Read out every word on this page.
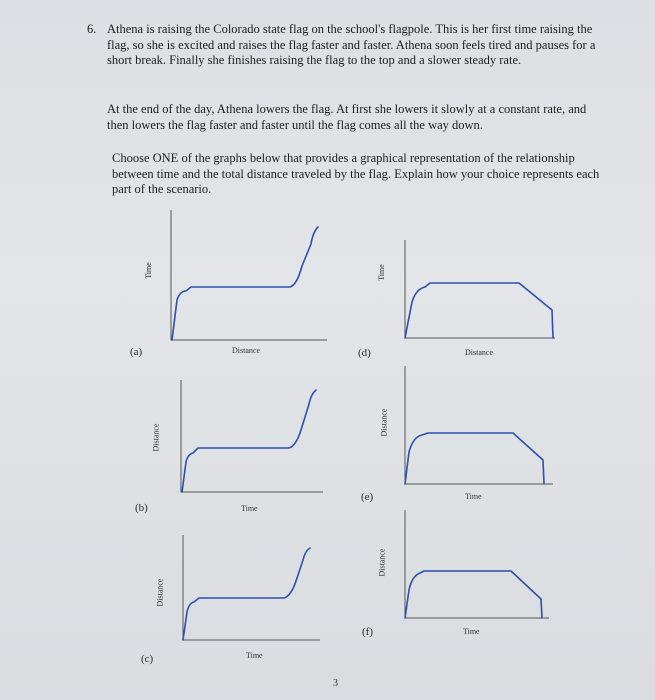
6. Athena is raising the Colorado state flag on the school's flagpole. This is her first time raising the flag, so she is excited and raises the flag faster and faster. Athena soon feels tired and pauses for a short break. Finally she finishes raising the flag to the top and a slower steady rate.
At the end of the day, Athena lowers the flag. At first she lowers it slowly at a constant rate, and then lowers the flag faster and faster until the flag comes all the way down.
Choose ONE of the graphs below that provides a graphical representation of the relationship between time and the total distance traveled by the flag. Explain how your choice represents each part of the scenario.
(a)	Distance
Time
(d)	Distance
Time
(b)	Time
Distance
(e)	Time
Distance
(c)	Time
Distance
(f)	Time
Distance
3
